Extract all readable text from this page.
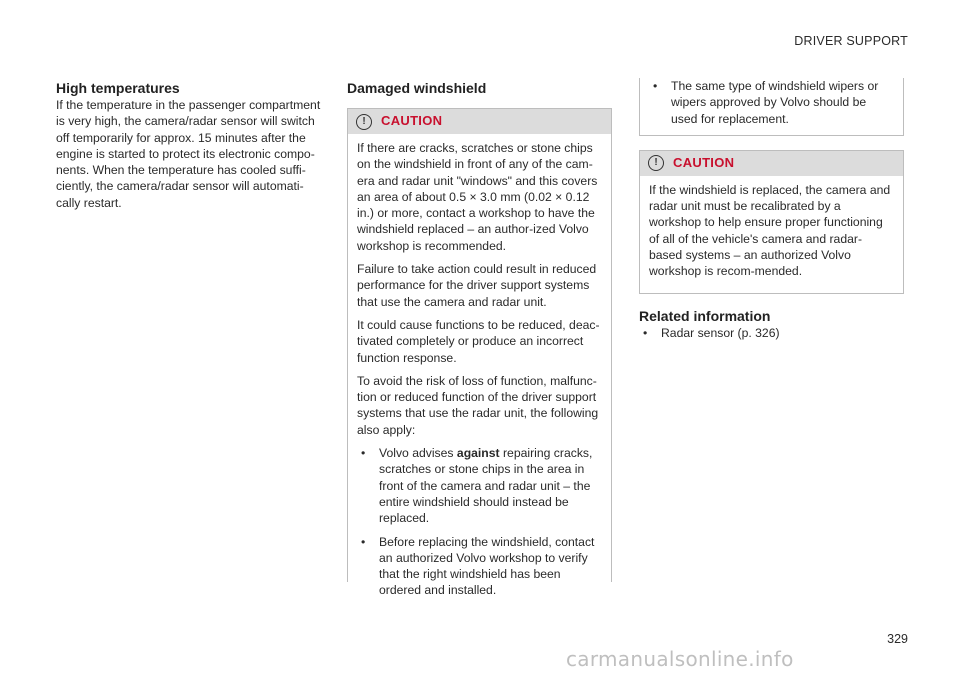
DRIVER SUPPORT
High temperatures

If the temperature in the passenger compartment is very high, the camera/radar sensor will switch off temporarily for approx. 15 minutes after the engine is started to protect its electronic compo-nents. When the temperature has cooled suffi-ciently, the camera/radar sensor will automati-cally restart.

Damaged windshield
!	CAUTION

If there are cracks, scratches or stone chips on the windshield in front of any of the cam-era and radar unit "windows" and this covers an area of about 0.5 × 3.0 mm (0.02 × 0.12 in.) or more, contact a workshop to have the windshield replaced – an author-ized Volvo workshop is recommended.

Failure to take action could result in reduced performance for the driver support systems that use the camera and radar unit.

It could cause functions to be reduced, deac-tivated completely or produce an incorrect function response.

To avoid the risk of loss of function, malfunc-tion or reduced function of the driver support systems that use the radar unit, the following also apply:

•	Volvo advises against repairing cracks, scratches or stone chips in the area in front of the camera and radar unit – the entire windshield should instead be replaced.
•	Before replacing the windshield, contact an authorized Volvo workshop to verify that the right windshield has been ordered and installed.
•	The same type of windshield wipers or wipers approved by Volvo should be used for replacement.
!	CAUTION

If the windshield is replaced, the camera and radar unit must be recalibrated by a workshop to help ensure proper functioning of all of the vehicle's camera and radar-based systems – an authorized Volvo workshop is recom-mended.

Related information
•	Radar sensor (p. 326)
329
carmanualsonline.info
